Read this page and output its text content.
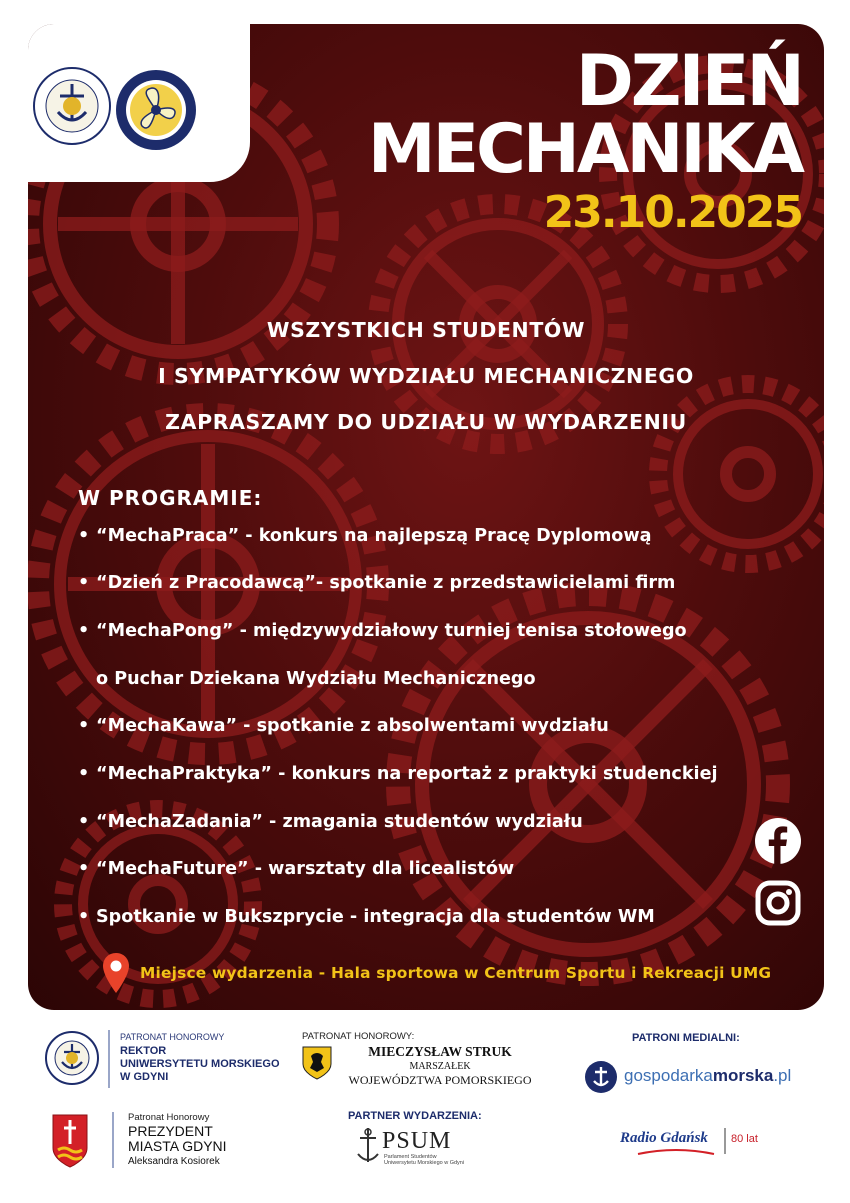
DZIEŃ
MECHANIKA
23.10.2025
WSZYSTKICH STUDENTÓW
I SYMPATYKÓW WYDZIAŁU MECHANICZNEGO
ZAPRASZAMY DO UDZIAŁU W WYDARZENIU
W PROGRAMIE:
• “MechaPraca” - konkurs na najlepszą Pracę Dyplomową
• “Dzień z Pracodawcą”- spotkanie z przedstawicielami firm
• “MechaPong” - międzywydziałowy turniej tenisa stołowego
o Puchar Dziekana Wydziału Mechanicznego
• “MechaKawa” - spotkanie z absolwentami wydziału
• “MechaPraktyka” - konkurs na reportaż z praktyki studenckiej
• “MechaZadania” - zmagania studentów wydziału
• “MechaFuture” - warsztaty dla licealistów
• Spotkanie w Bukszprycie - integracja dla studentów WM
Miejsce wydarzenia - Hala sportowa w Centrum Sportu i Rekreacji UMG
PATRONAT HONOROWY
REKTOR
UNIWERSYTETU MORSKIEGO
W GDYNI
PATRONAT HONOROWY:
MIECZYSŁAW STRUK
MARSZAŁEK
WOJEWÓDZTWA POMORSKIEGO
PATRONI MEDIALNI:
gospodarkamorska.pl
Patronat Honorowy
PREZYDENT
MIASTA GDYNI
Aleksandra Kosiorek
PARTNER WYDARZENIA:
PSUM
Parlament Studentów
Uniwersytetu Morskiego w Gdyni
Radio Gdańsk 80 lat
